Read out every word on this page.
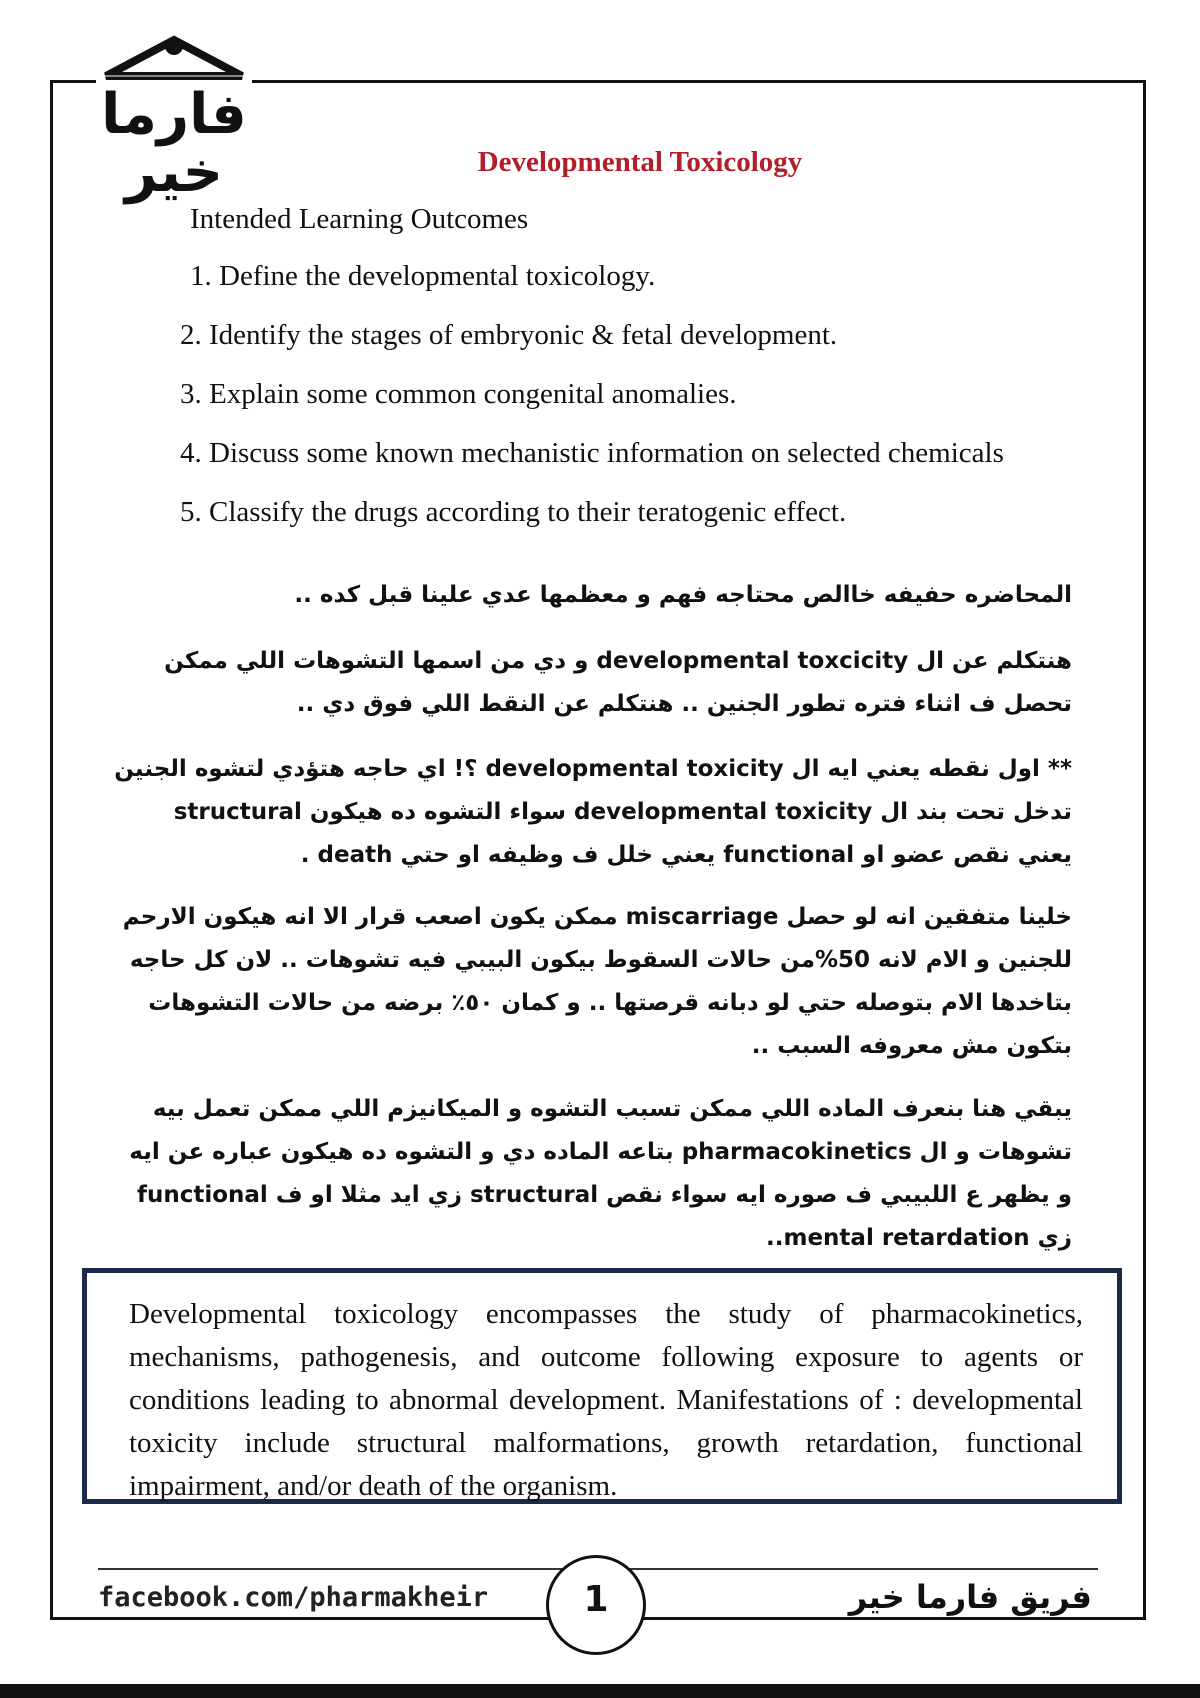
فارما خير	Developmental Toxicology
Intended Learning Outcomes
1. Define the developmental toxicology.
2. Identify the stages of embryonic & fetal development.
3. Explain some common congenital anomalies.
4. Discuss some known mechanistic information on selected chemicals
5. Classify the drugs according to their teratogenic effect.

المحاضره حفيفه خاالص محتاجه فهم و معظمها عدي علينا قبل كده ..

هنتكلم عن ال developmental toxcicity و دي من اسمها التشوهات اللي ممكن تحصل ف اثناء فتره تطور الجنين .. هنتكلم عن النقط اللي فوق دي ..

** اول نقطه يعني ايه ال developmental toxicity ؟! اي حاجه هتؤدي لتشوه الجنين تدخل تحت بند ال developmental toxicity سواء التشوه ده هيكون structural يعني نقص عضو او functional يعني خلل ف وظيفه او حتي death .

خلينا متفقين انه لو حصل miscarriage ممكن يكون اصعب قرار الا انه هيكون الارحم للجنين و الام لانه 50%من حالات السقوط بيكون البيبي فيه تشوهات .. لان كل حاجه بتاخدها الام بتوصله حتي لو دبانه قرصتها .. و كمان ٥٠٪ برضه من حالات التشوهات بتكون مش معروفه السبب ..

يبقي هنا بنعرف الماده اللي ممكن تسبب التشوه و الميكانيزم اللي ممكن تعمل بيه تشوهات و ال pharmacokinetics بتاعه الماده دي و التشوه ده هيكون عباره عن ايه و يظهر ع اللبيبي ف صوره ايه سواء نقص structural زي ايد مثلا او ف functional زي mental retardation..

Developmental toxicology encompasses the study of pharmacokinetics, mechanisms, pathogenesis, and outcome following exposure to agents or conditions leading to abnormal development. Manifestations of : developmental toxicity include structural malformations, growth retardation, functional impairment, and/or death of the organism.
facebook.com/pharmakheir	1	فريق فارما خير
